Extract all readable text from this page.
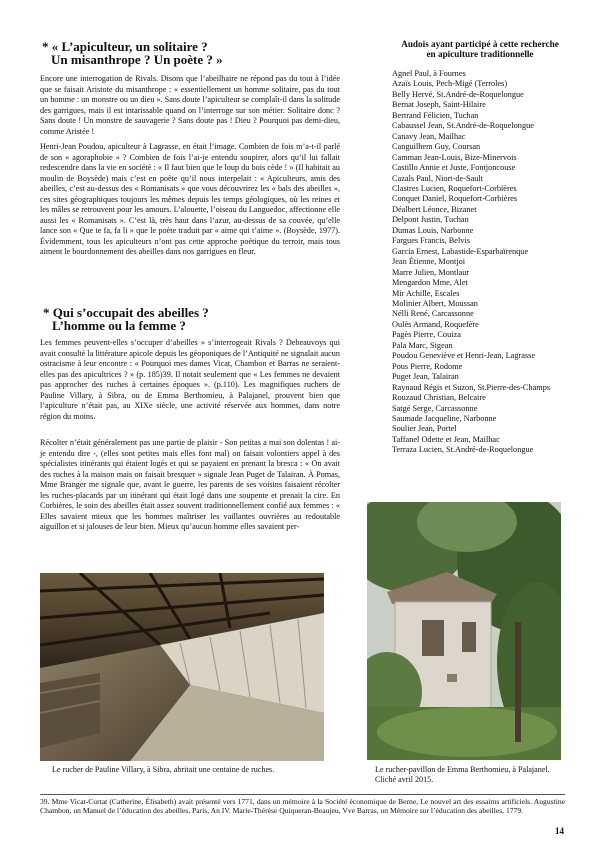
* « L’apiculteur, un solitaire ?
Un misanthrope ? Un poète ? »
Encore une interrogation de Rivals. Disons que l’abeilhaire ne répond pas du tout à l’idée que se faisait Aristote du misanthrope : « essentiellement un homme solitaire, pas du tout un homme : un monstre ou un dieu ». Sans doute l’apiculteur se complaît-il dans la solitude des garrigues, mais il est intarissable quand on l’interroge sur son métier. Solitaire donc ? Sans doute ! Un monstre de sauvagerie ? Sans doute pas ! Dieu ? Pourquoi pas demi-dieu, comme Aristée !
Henri-Jean Poudou, apiculteur à Lagrasse, en était l’image. Combien de fois m’a-t-il parlé de son « agoraphobie » ? Combien de fois l’ai-je entendu soupirer, alors qu’il lui fallait redescendre dans la vie en société : « Il faut bien que le loup du bois cède ! » (Il habitait au moulin de Boysède) mais c’est en poète qu’il nous interpelait : « Apiculteurs, amis des abeilles, c’est au-dessus des « Romanisats » que vous découvrirez les « bals des abeilles », ces sites géographiques toujours les mêmes depuis les temps géologiques, où les reines et les mâles se retrouvent pour les amours. L’alouette, l’oiseau du Languedoc, affectionne elle aussi les « Romanisats ». C’est là, très haut dans l’azur, au-dessus de sa couvée, qu’elle lance son « Que te fa, fa li » que le poète traduit par « aime qui t’aime ». (Boysède, 1977). Évidemment, tous les apiculteurs n’ont pas cette approche poétique du terroir, mais tous aiment le bourdonnement des abeilles dans nos garrigues en fleur.
* Qui s’occupait des abeilles ?
L’homme ou la femme ?
Les femmes peuvent-elles s’occuper d’abeilles » s’interrogeait Rivals ? Debeauvoys qui avait consulté la littérature apicole depuis les géoponiques de l’Antiquité ne signalait aucun ostracisme à leur encontre : « Pourquoi mes dames Vicat, Chambon et Barras ne seraient-elles pas des apicultrices ? » (p. 185)39. Il notait seulement que « Les femmes ne devaient pas approcher des ruches à certaines époques ». (p.110). Les magnifiques ruchers de Pauline Villary, à Sibra, ou de Emma Berthomieu, à Palajanel, prouvent bien que l’apiculture n’était pas, au XIXe siècle, une activité réservée aux hommes, dans notre région du moins.
Récolter n’était généralement pas une partie de plaisir - Son petitas a mai son dolentas ! ai-je entendu dire -, (elles sont petites mais elles font mal) on faisait volontiers appel à des spécialistes itinérants qui étaient logés et qui se payaient en prenant la bresca : « On avait des ruches à la maison mais on faisait bresquer » signale Jean Puget de Talairan. À Pomas, Mme Branger me signale que, avant le guerre, les parents de ses voisins faisaient récolter les ruches-placards par un itinérant qui était logé dans une soupente et prenait la cire. En Corbières, le soin des abeilles était assez souvent traditionnellement confié aux femmes : « Elles savaient mieux que les hommes maîtriser les vaillantes ouvrières au redoutable aiguillon et si jalouses de leur bien. Mieux qu’aucun homme elles savaient per-
Audois ayant participé à cette recherche
en apiculture traditionnelle
Agnel Paul, à Fournes
Azaïs Louis, Pech-Migé (Terroles)
Belly Hervé, St.André-de-Roquelongue
Bernat Joseph, Saint-Hilaire
Bertrand Félicien, Tuchan
Cabaussel Jean, St.André-de-Roquelongue
Canavy Jean, Mailhac
Canguilhem Guy, Coursan
Camman Jean-Louis, Bize-Minervois
Castillo Annie et Juste, Fontjoncouse
Cazals Paul, Niort-de-Sault
Clastres Lucien, Roquefort-Corbières
Conquet Daniel, Roquefort-Corbières
Déalbert Léonce, Bizanet
Delpont Justin, Tuchan
Dumas Louis, Narbonne
Fargues Francis, Belvis
Garcia Ernest, Labastide-Esparbaïrenque
Jean Étienne, Montjoi
Marre Julien, Montlaur
Mengardon Mme, Alet
Mir Achille, Escales
Molinier Albert, Moussan
Nélli René, Carcassonne
Oulès Armand, Roquefère
Pagès Pierre, Couiza
Pala Marc, Sigean
Poudou Geneviève et Henri-Jean, Lagrasse
Pous Pierre, Rodome
Puget Jean, Talairan
Raynaud Régis et Suzon, St.Pierre-des-Champs
Rouzaud Christian, Belcaire
Satgé Serge, Carcassonne
Saumade Jacqueline, Narbonne
Soulier Jean, Portel
Taffanel Odette et Jean, Mailhac
Terraza Lucien, St.André-de-Roquelongue
Le rucher de Pauline Villary, à Sibra, abritait une centaine de ruches.	Le rucher-pavillon de Emma Berthomieu, à Palajanel. Cliché avril 2015.
39. Mme Vicat-Curtat (Catherine, Élisabeth) avait présenté vers 1771, dans un mémoire à la Société économique de Berne, Le nouvel art des essaims artificiels. Augustine Chambon, un Manuel de l’éducation des abeilles, Paris, An IV. Marie-Thérèse Quiqueran-Beaujeu, Vve Barras, un Mémoire sur l’éducation des abeilles, 1779.
14
